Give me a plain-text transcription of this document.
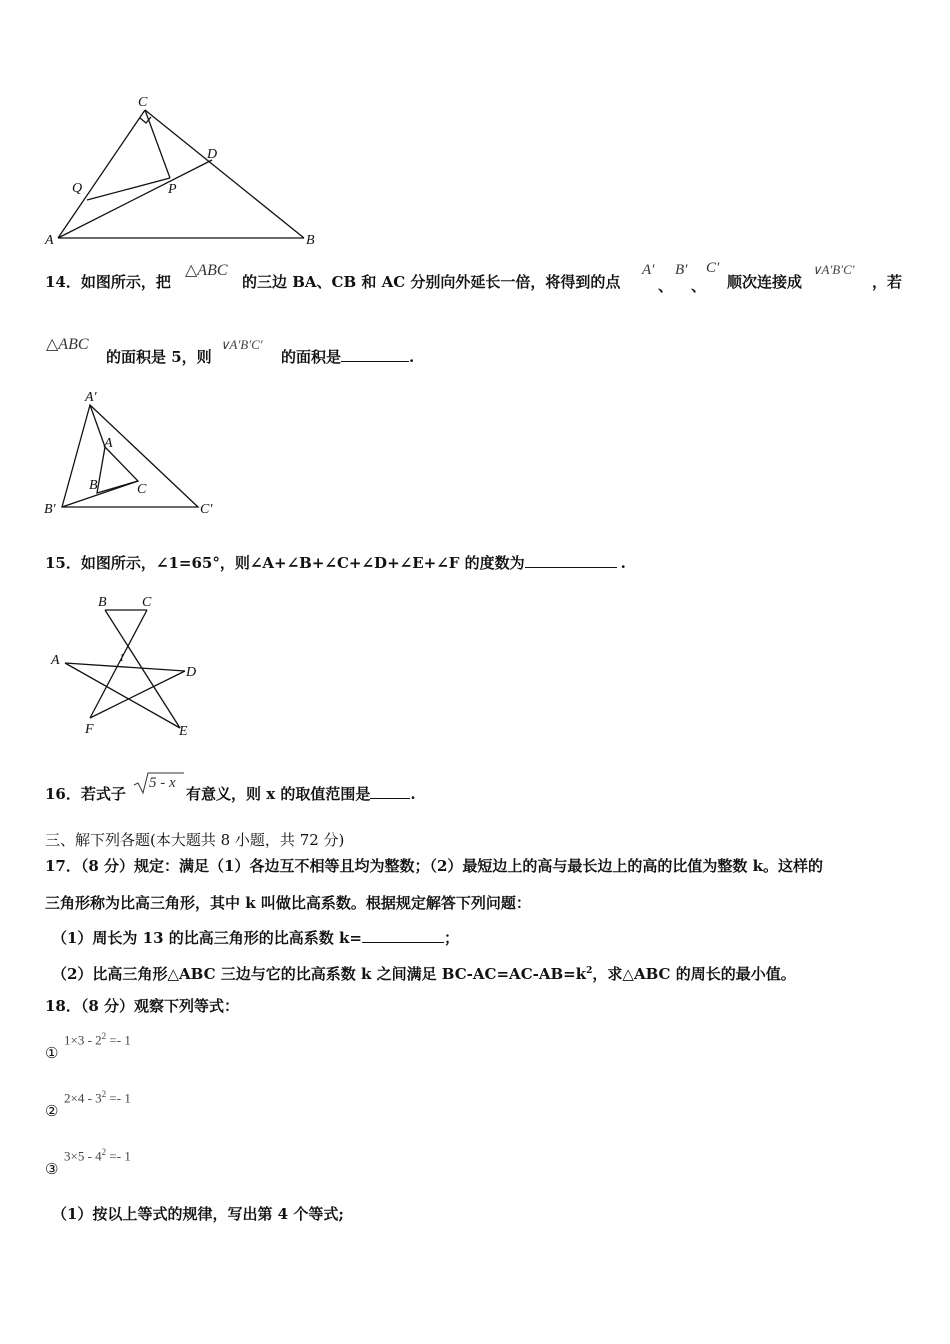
C
D
Q	P
A	B
14．如图所示，把
△ABC
的三边 BA、CB 和 AC 分别向外延长一倍，将得到的点
A′
、
B′
、
C′
顺次连接成
∨A′B′C′
，若
△ABC
的面积是 5，则
∨A′B′C′
的面积是	.
A′
A
B	C
B′	C′
15．如图所示，∠1=65°，则∠A+∠B+∠C+∠D+∠E+∠F 的度数为	.
B	C
A	1
D
F	E
16．若式子
5 - x
有意义，则 x 的取值范围是	.
三、解下列各题(本大题共 8 小题，共 72 分)
17．（8 分）规定：满足（1）各边互不相等且均为整数；（2）最短边上的高与最长边上的高的比值为整数 k。这样的
三角形称为比高三角形，其中 k 叫做比高系数。根据规定解答下列问题：
（1）周长为 13 的比高三角形的比高系数 k=	；
（2）比高三角形△ABC 三边与它的比高系数 k 之间满足 $BC-AC=AC-AB=k^2$，求△ABC 的周长的最小值。
18．（8 分）观察下列等式：
①
$1\times 3 - 2^2 =- 1$
②
$2\times 4 - 3^2 =- 1$
③
$3\times 5 - 4^2 =- 1$
（1）按以上等式的规律，写出第 4 个等式;
